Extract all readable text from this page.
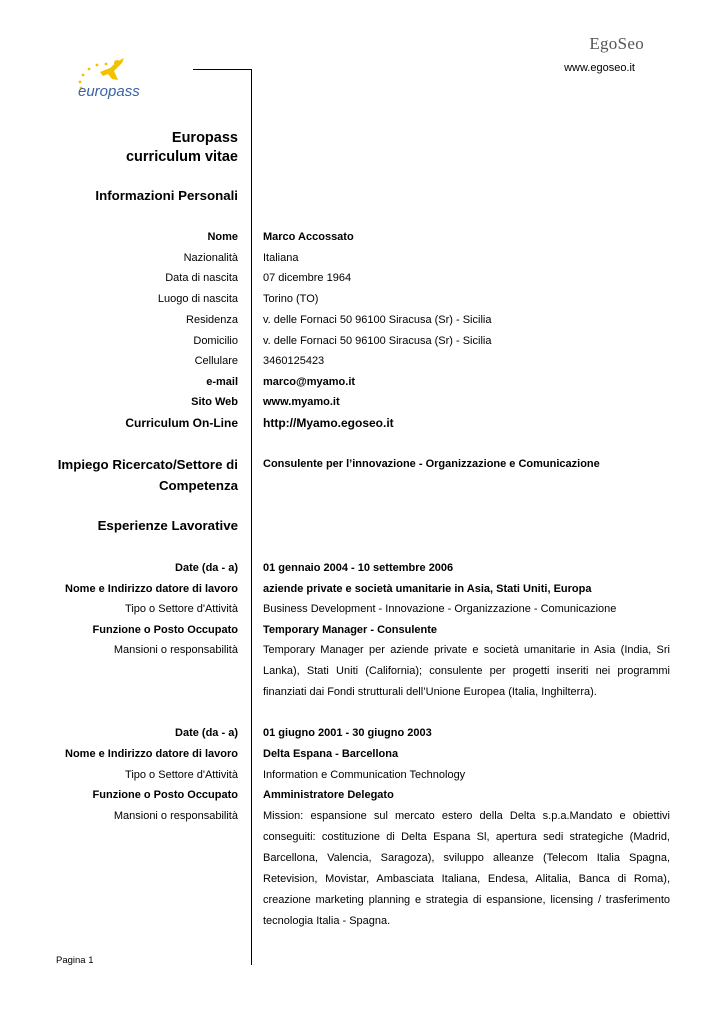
europass
EgoSeo
www.egoseo.it
Europass
curriculum vitae
Informazioni Personali
Nome Marco Accossato
Nazionalità Italiana
Data di nascita 07 dicembre 1964
Luogo di nascita Torino (TO)
Residenza v. delle Fornaci 50 96100 Siracusa (Sr) - Sicilia
Domicilio v. delle Fornaci 50 96100 Siracusa (Sr) - Sicilia
Cellulare 3460125423
e-mail marco@myamo.it
Sito Web www.myamo.it
Curriculum On-Line http://Myamo.egoseo.it
Impiego Ricercato/Settore di
Competenza
Consulente per l’innovazione - Organizzazione e Comunicazione
Esperienze Lavorative
Date (da - a) 01 gennaio 2004 - 10 settembre 2006
Nome e Indirizzo datore di lavoro aziende private e società umanitarie in Asia, Stati Uniti, Europa
Tipo o Settore d'Attività Business Development - Innovazione - Organizzazione - Comunicazione
Funzione o Posto Occupato Temporary Manager - Consulente
Mansioni o responsabilità Temporary Manager per aziende private e società umanitarie in Asia (India, Sri Lanka), Stati Uniti (California); consulente per progetti inseriti nei programmi finanziati dai Fondi strutturali dell’Unione Europea (Italia, Inghilterra).
Date (da - a) 01 giugno 2001 - 30 giugno 2003
Nome e Indirizzo datore di lavoro Delta Espana - Barcellona
Tipo o Settore d'Attività Information e Communication Technology
Funzione o Posto Occupato Amministratore Delegato
Mansioni o responsabilità Mission: espansione sul mercato estero della Delta s.p.a.Mandato e obiettivi conseguiti: costituzione di Delta Espana Sl, apertura sedi strategiche (Madrid, Barcellona, Valencia, Saragoza), sviluppo alleanze (Telecom Italia Spagna, Retevision, Movistar, Ambasciata Italiana, Endesa, Alitalia, Banca di Roma), creazione marketing planning e strategia di espansione, licensing / trasferimento tecnologia Italia - Spagna.
Pagina 1
